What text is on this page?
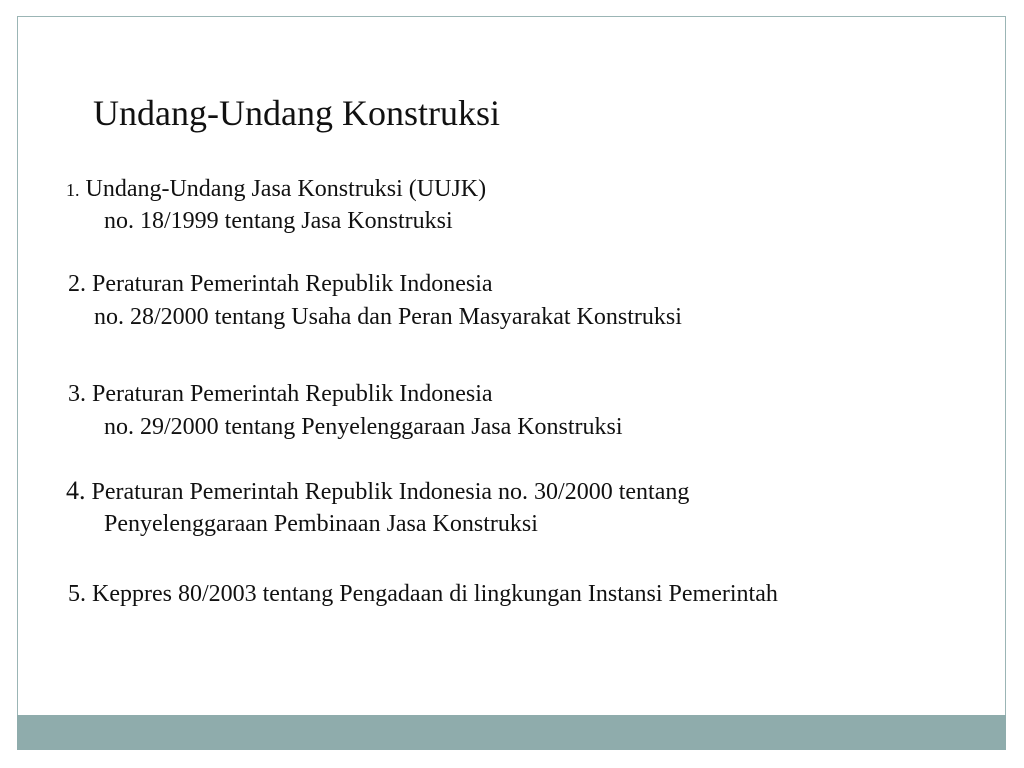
Undang-Undang Konstruksi
1. Undang-Undang Jasa Konstruksi (UUJK)
no. 18/1999 tentang Jasa Konstruksi
2. Peraturan Pemerintah Republik Indonesia
no. 28/2000 tentang Usaha dan Peran Masyarakat Konstruksi
3. Peraturan Pemerintah Republik Indonesia
no. 29/2000 tentang Penyelenggaraan Jasa Konstruksi
4. Peraturan Pemerintah Republik Indonesia no. 30/2000 tentang
Penyelenggaraan Pembinaan Jasa Konstruksi
5. Keppres 80/2003 tentang Pengadaan di lingkungan Instansi Pemerintah
